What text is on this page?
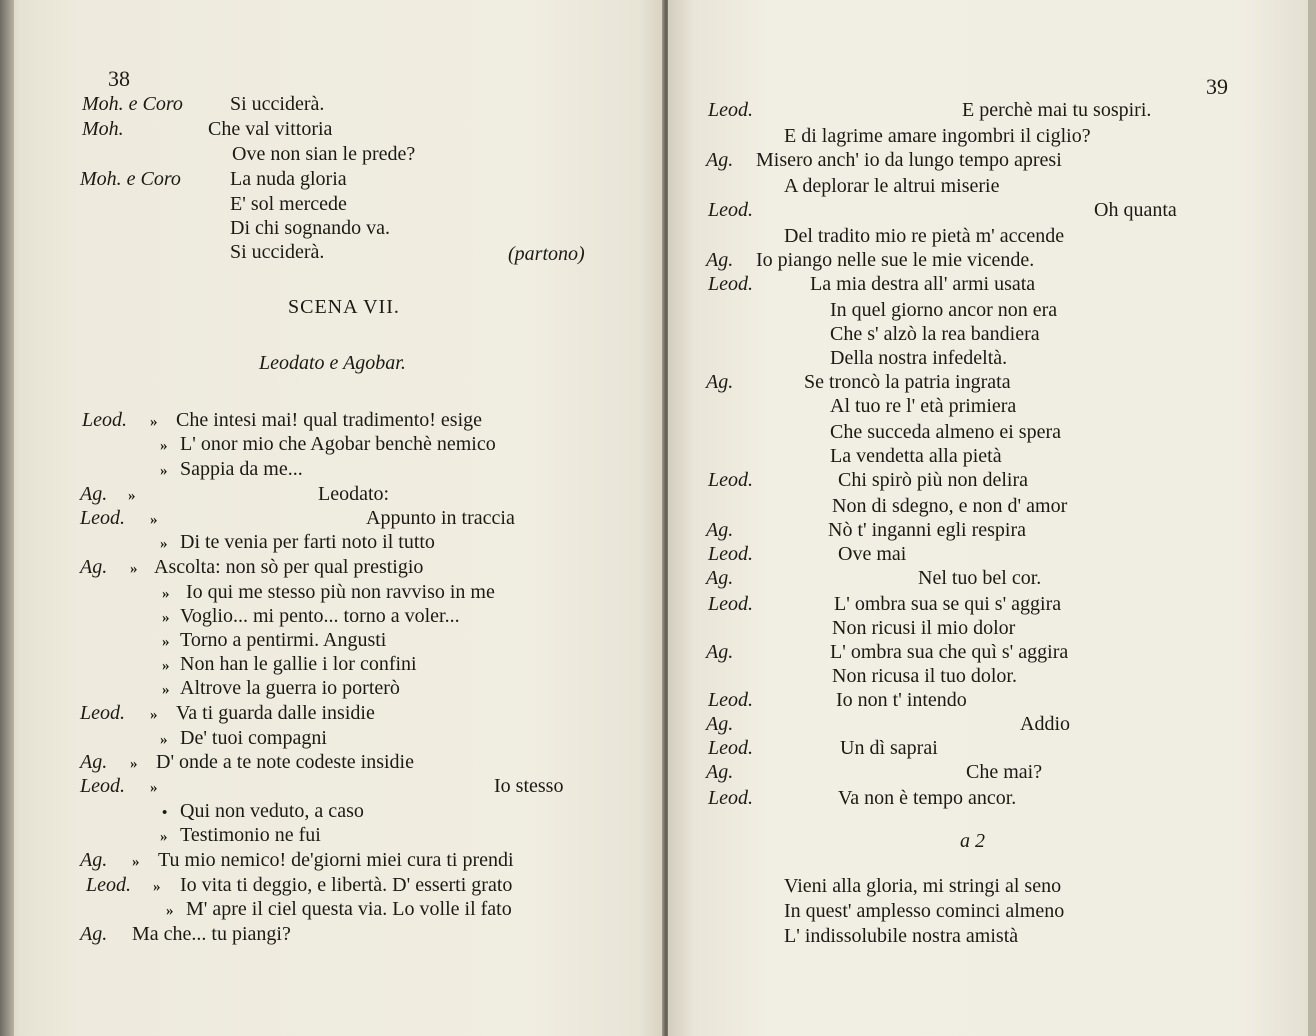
38
Moh. e Coro Si ucciderà.
Moh.	Che val vittoria
Ove non sian le prede?
Moh. e Coro La nuda gloria
E' sol mercede
Di chi sognando va.
Si ucciderà.	(partono)
SCENA VII.
Leodato e Agobar.
Leod. » Che intesi mai! qual tradimento! esige
» L' onor mio che Agobar benchè nemico
» Sappia da me...
Ag. »	Leodato:
Leod. »	Appunto in traccia
» Di te venia per farti noto il tutto
Ag. » Ascolta: non sò per qual prestigio
» Io qui me stesso più non ravviso in me
» Voglio... mi pento... torno a voler...
» Torno a pentirmi. Angusti
» Non han le gallie i lor confini
» Altrove la guerra io porterò
Leod. » Va ti guarda dalle insidie
» De' tuoi compagni
Ag. » D' onde a te note codeste insidie
Leod. »	Io stesso
• Qui non veduto, a caso
» Testimonio ne fui
Ag. » Tu mio nemico! de'giorni miei cura ti prendi
Leod. » Io vita ti deggio, e libertà. D' esserti grato
» M' apre il ciel questa via. Lo volle il fato
Ag. Ma che... tu piangi?
39
Leod.	E perchè mai tu sospiri.
E di lagrime amare ingombri il ciglio?
Ag. Misero anch' io da lungo tempo apresi
A deplorar le altrui miserie
Leod.	Oh quanta
Del tradito mio re pietà m' accende
Ag. Io piango nelle sue le mie vicende.
Leod.	La mia destra all' armi usata
In quel giorno ancor non era
Che s' alzò la rea bandiera
Della nostra infedeltà.
Ag.	Se troncò la patria ingrata
Al tuo re l' età primiera
Che succeda almeno ei spera
La vendetta alla pietà
Leod.	Chi spirò più non delira
Non di sdegno, e non d' amor
Ag.	Nò t' inganni egli respira
Leod.	Ove mai
Ag.	Nel tuo bel cor.
Leod.	L' ombra sua se qui s' aggira
Non ricusi il mio dolor
Ag.	L' ombra sua che quì s' aggira
Non ricusa il tuo dolor.
Leod.	Io non t' intendo
Ag.	Addio
Leod.	Un dì saprai
Ag.	Che mai?
Leod.	Va non è tempo ancor.
a 2
Vieni alla gloria, mi stringi al seno
In quest' amplesso cominci almeno
L' indissolubile nostra amistà
